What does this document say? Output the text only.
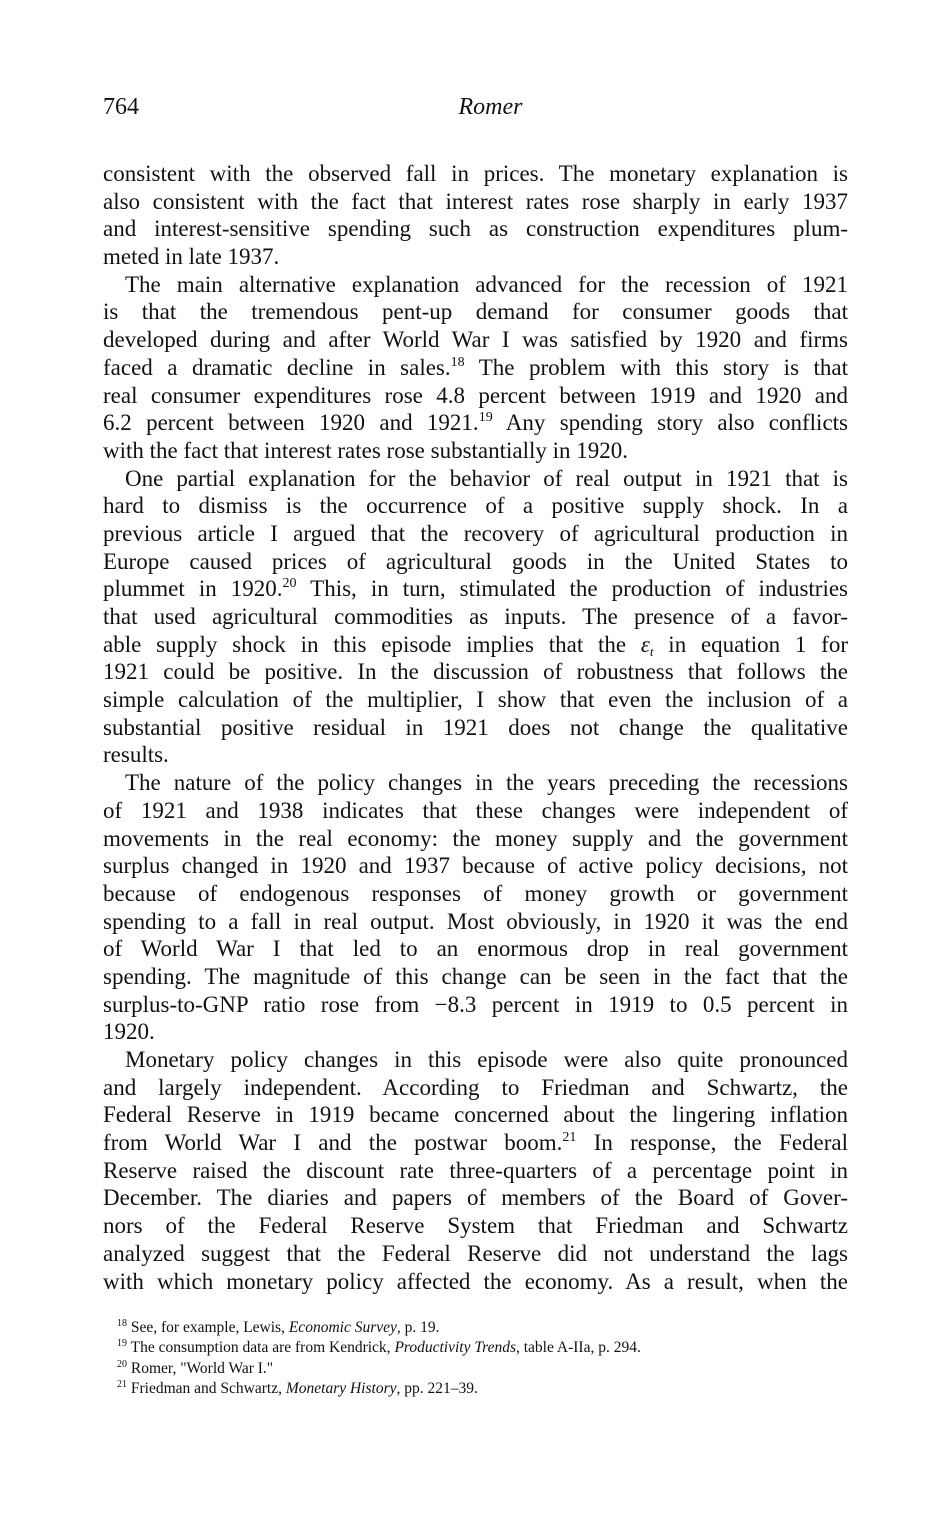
764	Romer
consistent with the observed fall in prices. The monetary explanation is
also consistent with the fact that interest rates rose sharply in early 1937
and interest-sensitive spending such as construction expenditures plum-
meted in late 1937.
The main alternative explanation advanced for the recession of 1921
is that the tremendous pent-up demand for consumer goods that
developed during and after World War I was satisfied by 1920 and firms
faced a dramatic decline in sales.$^{18}$ The problem with this story is that
real consumer expenditures rose 4.8 percent between 1919 and 1920 and
6.2 percent between 1920 and 1921.19 Any spending story also conflicts
with the fact that interest rates rose substantially in 1920.
One partial explanation for the behavior of real output in 1921 that is
hard to dismiss is the occurrence of a positive supply shock. In a
previous article I argued that the recovery of agricultural production in
Europe caused prices of agricultural goods in the United States to
plummet in 1920.20 This, in turn, stimulated the production of industries
that used agricultural commodities as inputs. The presence of a favor-
able supply shock in this episode implies that the εt in equation 1 for
1921 could be positive. In the discussion of robustness that follows the
simple calculation of the multiplier, I show that even the inclusion of a
substantial positive residual in 1921 does not change the qualitative
results.
The nature of the policy changes in the years preceding the recessions
of 1921 and 1938 indicates that these changes were independent of
movements in the real economy: the money supply and the government
surplus changed in 1920 and 1937 because of active policy decisions, not
because of endogenous responses of money growth or government
spending to a fall in real output. Most obviously, in 1920 it was the end
of World War I that led to an enormous drop in real government
spending. The magnitude of this change can be seen in the fact that the
surplus-to-GNP ratio rose from −8.3 percent in 1919 to 0.5 percent in
1920.
Monetary policy changes in this episode were also quite pronounced
and largely independent. According to Friedman and Schwartz, the
Federal Reserve in 1919 became concerned about the lingering inflation
from World War I and the postwar boom.$^{21}$ In response, the Federal
Reserve raised the discount rate three-quarters of a percentage point in
December. The diaries and papers of members of the Board of Gover-
nors of the Federal Reserve System that Friedman and Schwartz
analyzed suggest that the Federal Reserve did not understand the lags
with which monetary policy affected the economy. As a result, when the
$^{18}$ See, for example, Lewis, Economic Survey, p. 19.
$^{19}$ The consumption data are from Kendrick, Productivity Trends, table A-IIa, p. 294.
$^{20}$ Romer, "World War I."
$^{21}$ Friedman and Schwartz, Monetary History, pp. 221–39.
